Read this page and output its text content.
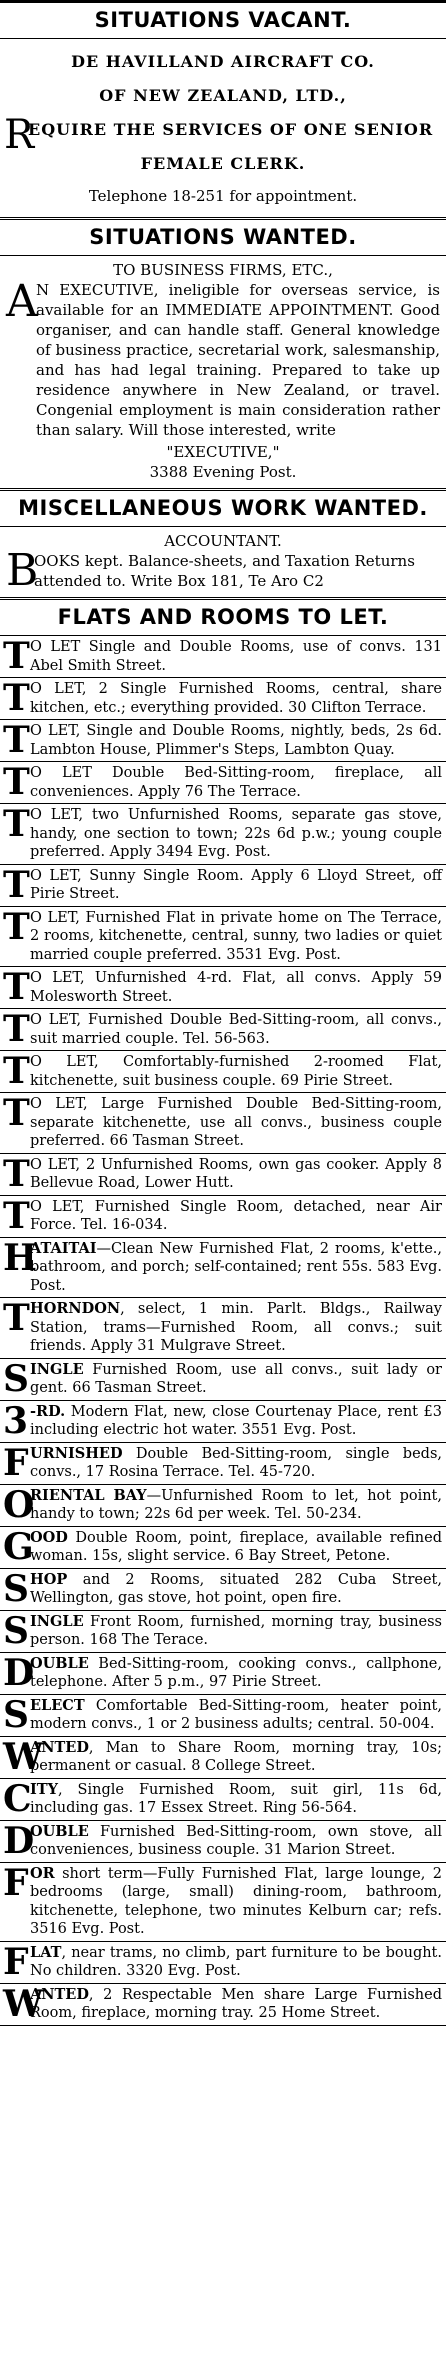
SITUATIONS VACANT.
DE HAVILLAND AIRCRAFT CO.
OF NEW ZEALAND, LTD.,
R
EQUIRE THE SERVICES OF ONE SENIOR
FEMALE CLERK.
Telephone 18-251 for appointment.
SITUATIONS WANTED.
TO BUSINESS FIRMS, ETC.,
A
N EXECUTIVE, ineligible for overseas service, is available for an IMMEDIATE APPOINTMENT. Good organiser, and can handle staff. General knowledge of business practice, secretarial work, salesmanship, and has had legal training. Prepared to take up residence anywhere in New Zealand, or travel. Congenial employment is main consideration rather than salary. Will those interested, write
"EXECUTIVE,"
3388 Evening Post.
MISCELLANEOUS WORK WANTED.
ACCOUNTANT.
B
OOKS kept. Balance-sheets, and Taxation Returns attended to. Write Box 181, Te Aro C2
FLATS AND ROOMS TO LET.
T O LET Single and Double Rooms, use of convs. 131 Abel Smith Street.
T O LET, 2 Single Furnished Rooms, central, share kitchen, etc.; everything provided. 30 Clifton Terrace.
T O LET, Single and Double Rooms, nightly, beds, 2s 6d. Lambton House, Plimmer's Steps, Lambton Quay.
T O LET Double Bed-Sitting-room, fireplace, all conveniences. Apply 76 The Terrace.
T O LET, two Unfurnished Rooms, separate gas stove, handy, one section to town; 22s 6d p.w.; young couple preferred. Apply 3494 Evg. Post.
T O LET, Sunny Single Room. Apply 6 Lloyd Street, off Pirie Street.
T O LET, Furnished Flat in private home on The Terrace, 2 rooms, kitchenette, central, sunny, two ladies or quiet married couple preferred. 3531 Evg. Post.
T O LET, Unfurnished 4-rd. Flat, all convs. Apply 59 Molesworth Street.
T O LET, Furnished Double Bed-Sitting-room, all convs., suit married couple. Tel. 56-563.
T O LET, Comfortably-furnished 2-roomed Flat, kitchenette, suit business couple. 69 Pirie Street.
T O LET, Large Furnished Double Bed-Sitting-room, separate kitchenette, use all convs., business couple preferred. 66 Tasman Street.
T O LET, 2 Unfurnished Rooms, own gas cooker. Apply 8 Bellevue Road, Lower Hutt.
T O LET, Furnished Single Room, detached, near Air Force. Tel. 16-034.
H
ATAITAI—Clean New Furnished Flat, 2 rooms, k'ette., bathroom, and porch; self-contained; rent 55s. 583 Evg. Post.
T HORNDON, select, 1 min. Parlt. Bldgs., Railway Station, trams—Furnished Room, all convs.; suit friends. Apply 31 Mulgrave Street.
S INGLE Furnished Room, use all convs., suit lady or gent. 66 Tasman Street.
3 -RD. Modern Flat, new, close Courtenay Place, rent £3 including electric hot water. 3551 Evg. Post.
F URNISHED Double Bed-Sitting-room, single beds, convs., 17 Rosina Terrace. Tel. 45-720.
O
RIENTAL BAY—Unfurnished Room to let, hot point, handy to town; 22s 6d per week. Tel. 50-234.
G
OOD Double Room, point, fireplace, available refined woman. 15s, slight service. 6 Bay Street, Petone.
S HOP and 2 Rooms, situated 282 Cuba Street, Wellington, gas stove, hot point, open fire.
S INGLE Front Room, furnished, morning tray, business person. 168 The Terace.
D
OUBLE Bed-Sitting-room, cooking convs., callphone, telephone. After 5 p.m., 97 Pirie Street.
S ELECT Comfortable Bed-Sitting-room, heater point, modern convs., 1 or 2 business adults; central. 50-004.
W
ANTED, Man to Share Room, morning tray, 10s; permanent or casual. 8 College Street.
C
ITY, Single Furnished Room, suit girl, 11s 6d, including gas. 17 Essex Street. Ring 56-564.
D
OUBLE Furnished Bed-Sitting-room, own stove, all conveniences, business couple. 31 Marion Street.
F OR short term—Fully Furnished Flat, large lounge, 2 bedrooms (large, small) dining-room, bathroom, kitchenette, telephone, two minutes Kelburn car; refs. 3516 Evg. Post.
F LAT, near trams, no climb, part furniture to be bought. No children. 3320 Evg. Post.
W
ANTED, 2 Respectable Men share Large Furnished Room, fireplace, morning tray. 25 Home Street.
